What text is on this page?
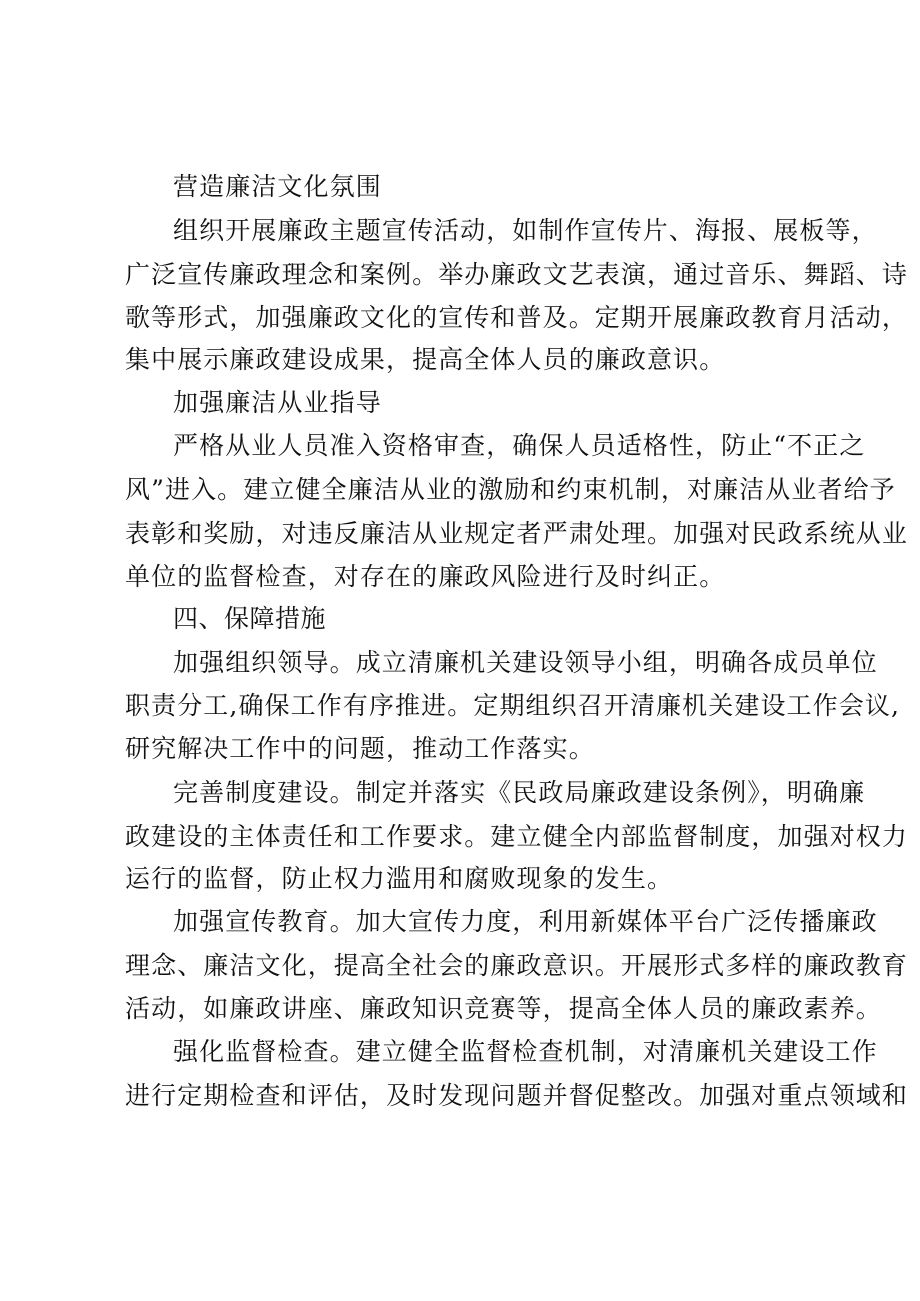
营造廉洁文化氛围
组织开展廉政主题宣传活动，如制作宣传片、海报、展板等，
广泛宣传廉政理念和案例。举办廉政文艺表演，通过音乐、舞蹈、诗
歌等形式，加强廉政文化的宣传和普及。定期开展廉政教育月活动，
集中展示廉政建设成果，提高全体人员的廉政意识。
加强廉洁从业指导
严格从业人员准入资格审查，确保人员适格性，防止“不正之
风”进入。建立健全廉洁从业的激励和约束机制，对廉洁从业者给予
表彰和奖励，对违反廉洁从业规定者严肃处理。加强对民政系统从业
单位的监督检查，对存在的廉政风险进行及时纠正。
四、保障措施
加强组织领导。成立清廉机关建设领导小组，明确各成员单位
职责分工,确保工作有序推进。定期组织召开清廉机关建设工作会议,
研究解决工作中的问题，推动工作落实。
完善制度建设。制定并落实《民政局廉政建设条例》，明确廉
政建设的主体责任和工作要求。建立健全内部监督制度，加强对权力
运行的监督，防止权力滥用和腐败现象的发生。
加强宣传教育。加大宣传力度，利用新媒体平台广泛传播廉政
理念、廉洁文化，提高全社会的廉政意识。开展形式多样的廉政教育
活动，如廉政讲座、廉政知识竞赛等，提高全体人员的廉政素养。
强化监督检查。建立健全监督检查机制，对清廉机关建设工作
进行定期检查和评估，及时发现问题并督促整改。加强对重点领域和
